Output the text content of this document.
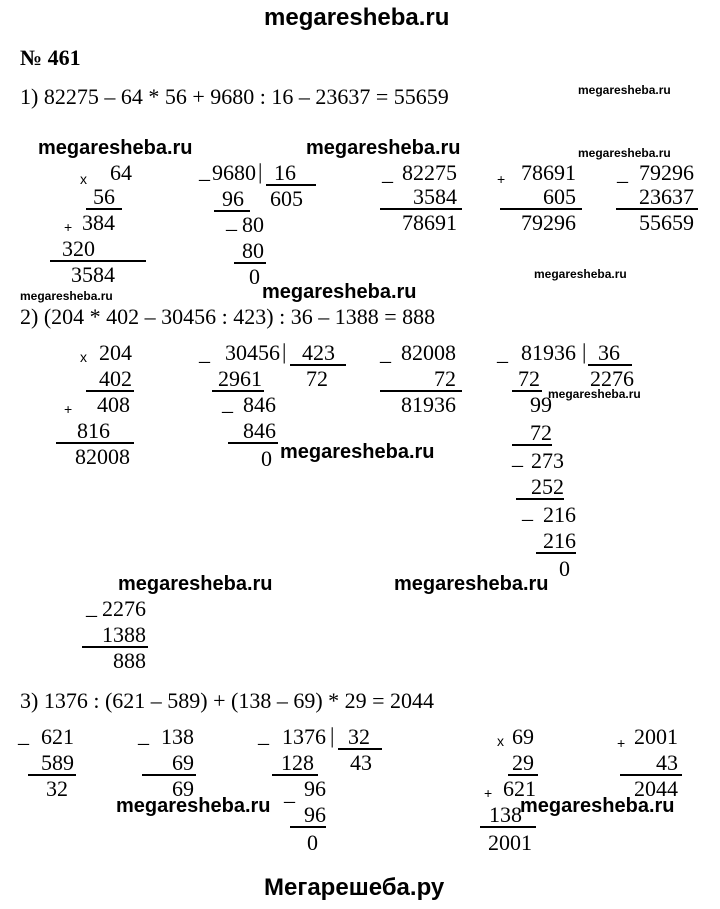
megaresheba.ru
№ 461
1) 82275 – 64 * 56 + 9680 : 16 – 23637 = 55659	megaresheba.ru
megaresheba.ru	megaresheba.ru	megaresheba.ru
x	64
56
+ 384
320
3584
_ 9680 | 16
605
96
_ 80
80
0
_ 82275
3584
78691
+ 78691
605
79296
_ 79296
23637
55659
megaresheba.ru
megaresheba.ru	megaresheba.ru
2) (204 * 402 – 30456 : 423) : 36 – 1388 = 888
x 204
402
+	408
816
82008
_ 30456 | 423
72
2961
_ 846
846
0 megaresheba.ru
_ 82008
72
81936
_ 81936 | 36
2276
72
99
72
_ 273
252
_ 216
216
0
megaresheba.ru
megaresheba.ru	megaresheba.ru
_ 2276
1388
888
3) 1376 : (621 – 589) + (138 – 69) * 29 = 2044
_ 621
589
32
_ 138
69
69
_ 1376 | 32
43
128
_ 96
96
0
megaresheba.ru
x 69
29
+ 621
138
2001
megaresheba.ru
+ 2001
43
2044
Мегарешеба.ру
